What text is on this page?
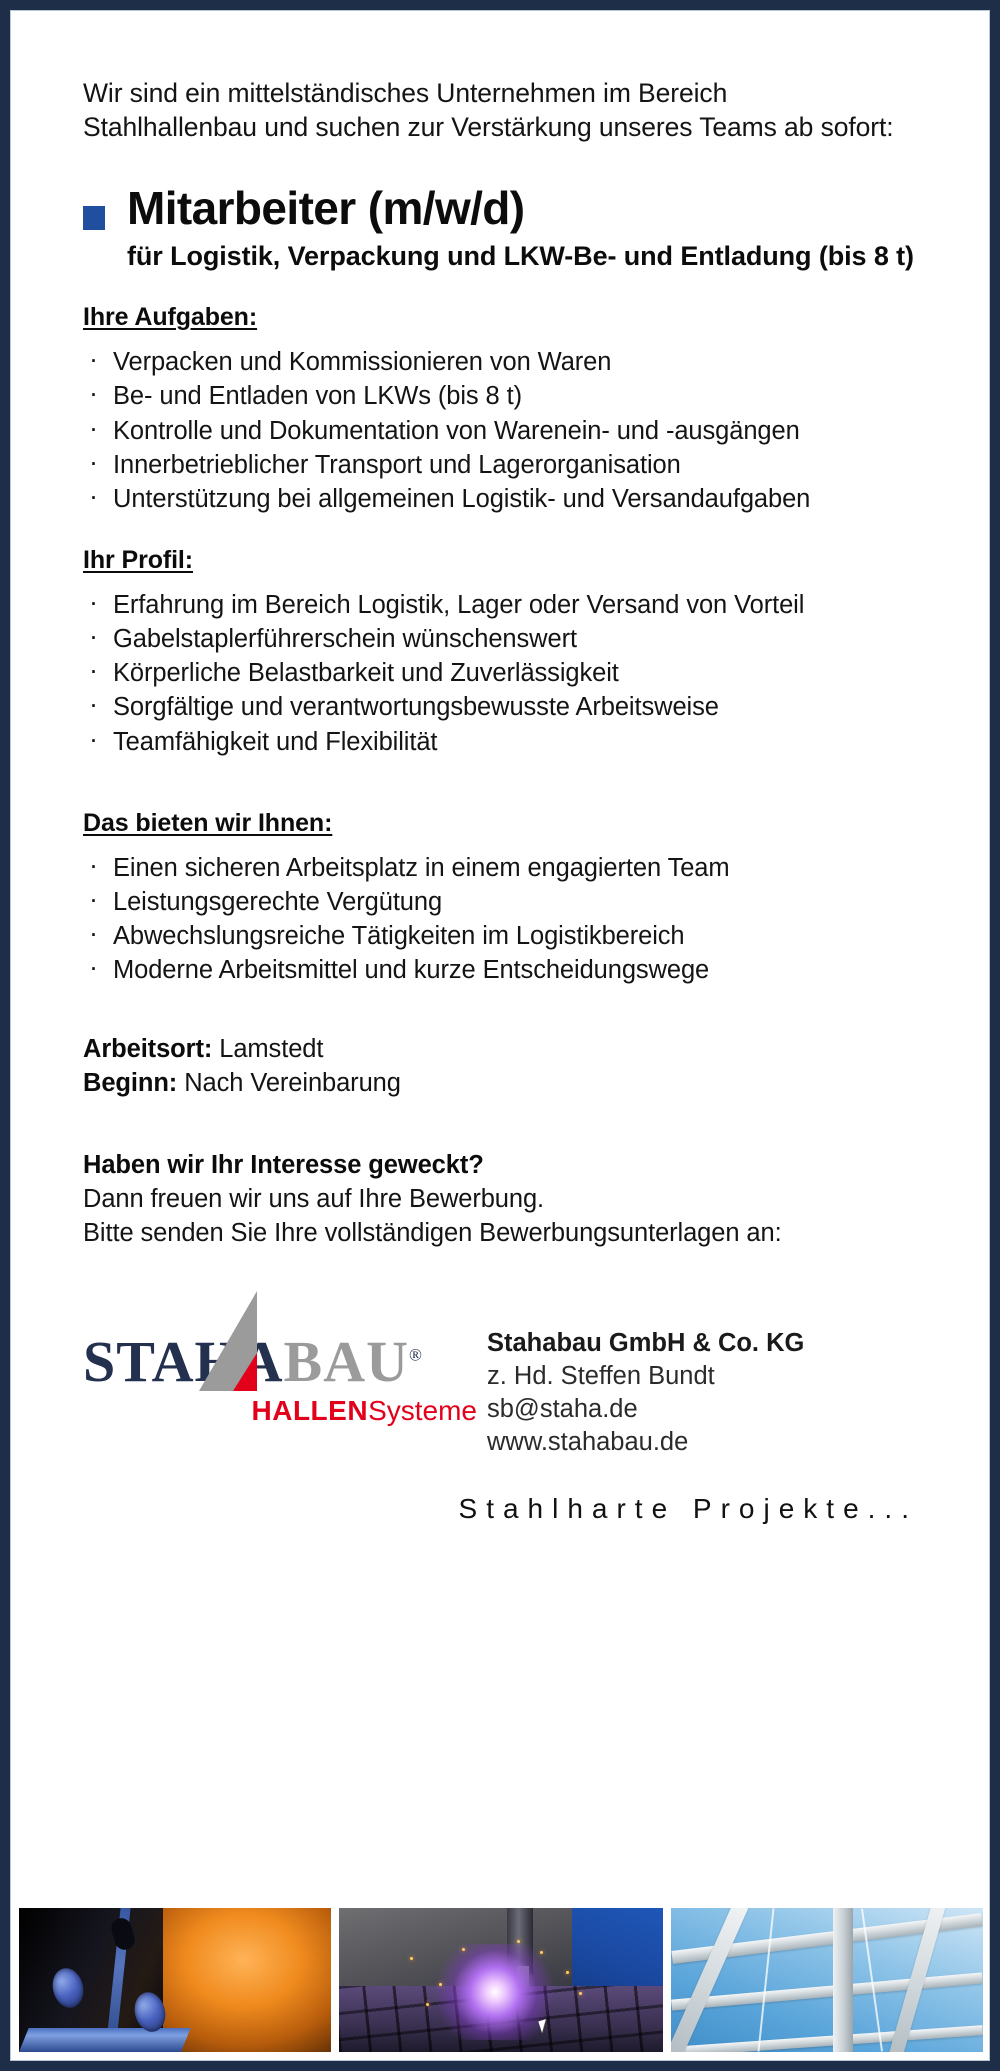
Wir sind ein mittelständisches Unternehmen im Bereich Stahlhallenbau und suchen zur Verstärkung unseres Teams ab sofort:

Mitarbeiter (m/w/d)
für Logistik, Verpackung und LKW-Be- und Entladung (bis 8 t)
Ihre Aufgaben:
· Verpacken und Kommissionieren von Waren
· Be- und Entladen von LKWs (bis 8 t)
· Kontrolle und Dokumentation von Warenein- und -ausgängen
· Innerbetrieblicher Transport und Lagerorganisation
· Unterstützung bei allgemeinen Logistik- und Versandaufgaben
Ihr Profil:
· Erfahrung im Bereich Logistik, Lager oder Versand von Vorteil
· Gabelstaplerführerschein wünschenswert
· Körperliche Belastbarkeit und Zuverlässigkeit
· Sorgfältige und verantwortungsbewusste Arbeitsweise
· Teamfähigkeit und Flexibilität
Das bieten wir Ihnen:
· Einen sicheren Arbeitsplatz in einem engagierten Team
· Leistungsgerechte Vergütung
· Abwechslungsreiche Tätigkeiten im Logistikbereich
· Moderne Arbeitsmittel und kurze Entscheidungswege
Arbeitsort: Lamstedt
Beginn: Nach Vereinbarung
Haben wir Ihr Interesse geweckt?
Dann freuen wir uns auf Ihre Bewerbung.
Bitte senden Sie Ihre vollständigen Bewerbungsunterlagen an:
STAHABAU®
HALLENSysteme
Stahabau GmbH & Co. KG
z. Hd. Steffen Bundt
sb@staha.de
www.stahabau.de
Stahlharte Projekte...
